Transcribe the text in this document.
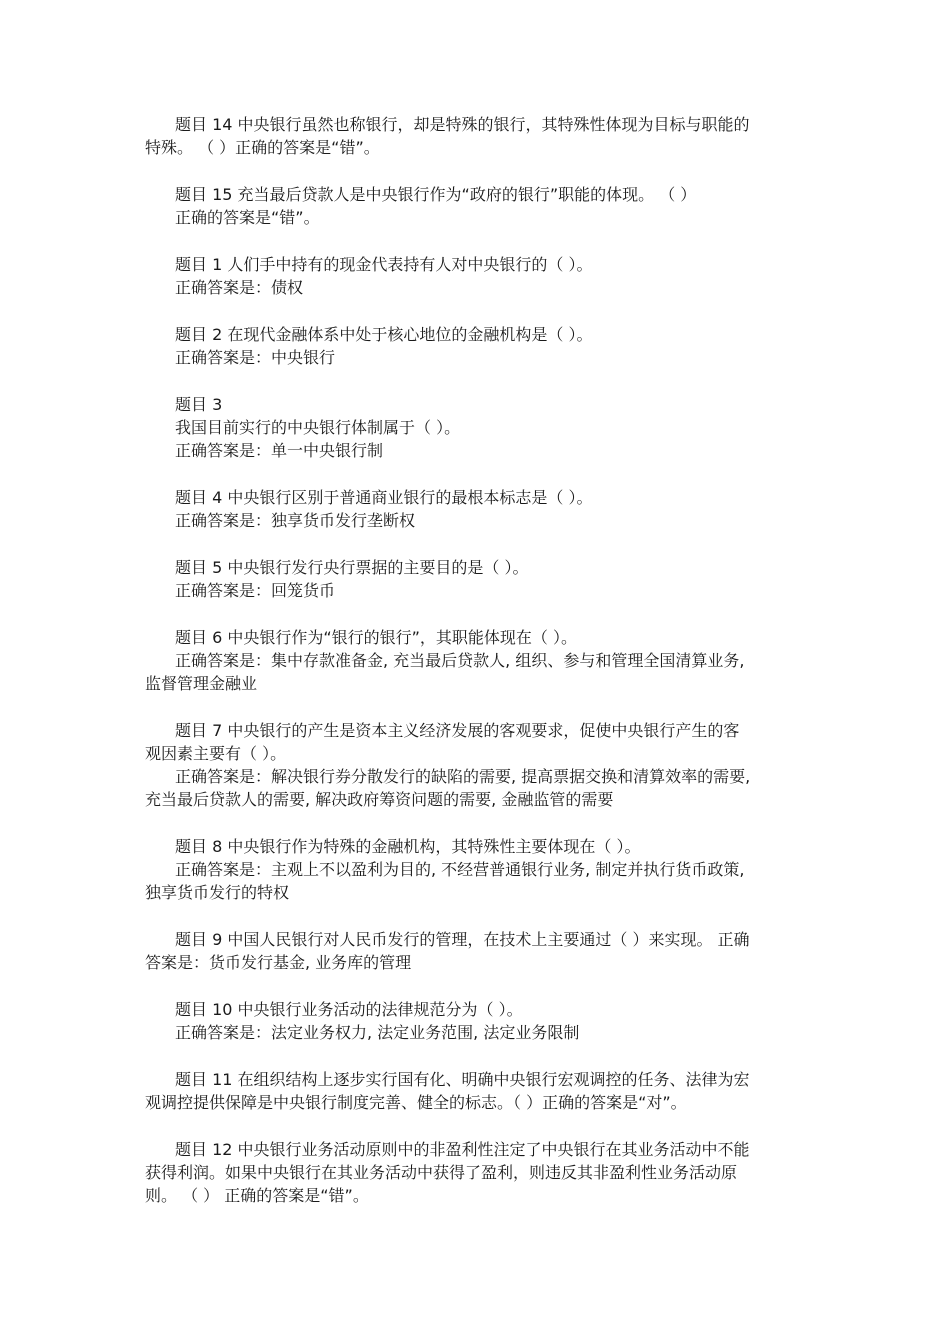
题目 14 中央银行虽然也称银行，却是特殊的银行，其特殊性体现为目标与职能的
特殊。 （ ）正确的答案是“错”。
题目 15 充当最后贷款人是中央银行作为“政府的银行”职能的体现。 （ ）
正确的答案是“错”。
题目 1 人们手中持有的现金代表持有人对中央银行的（ ）。
正确答案是：债权
题目 2 在现代金融体系中处于核心地位的金融机构是（ ）。
正确答案是：中央银行
题目 3
我国目前实行的中央银行体制属于（ ）。
正确答案是：单一中央银行制
题目 4 中央银行区别于普通商业银行的最根本标志是（ ）。
正确答案是：独享货币发行垄断权
题目 5 中央银行发行央行票据的主要目的是（ ）。
正确答案是：回笼货币
题目 6 中央银行作为“银行的银行”，其职能体现在（ ）。
正确答案是：集中存款准备金, 充当最后贷款人, 组织、参与和管理全国清算业务,
监督管理金融业
题目 7 中央银行的产生是资本主义经济发展的客观要求，促使中央银行产生的客
观因素主要有（ ）。
正确答案是：解决银行券分散发行的缺陷的需要, 提高票据交换和清算效率的需要,
充当最后贷款人的需要, 解决政府筹资问题的需要, 金融监管的需要
题目 8 中央银行作为特殊的金融机构，其特殊性主要体现在（ ）。
正确答案是：主观上不以盈利为目的, 不经营普通银行业务, 制定并执行货币政策,
独享货币发行的特权
题目 9 中国人民银行对人民币发行的管理，在技术上主要通过（ ）来实现。 正确
答案是：货币发行基金, 业务库的管理
题目 10 中央银行业务活动的法律规范分为（ ）。
正确答案是：法定业务权力, 法定业务范围, 法定业务限制
题目 11 在组织结构上逐步实行国有化、明确中央银行宏观调控的任务、法律为宏
观调控提供保障是中央银行制度完善、健全的标志。（ ）正确的答案是“对”。
题目 12 中央银行业务活动原则中的非盈利性注定了中央银行在其业务活动中不能
获得利润。如果中央银行在其业务活动中获得了盈利，则违反其非盈利性业务活动原
则。 （ ） 正确的答案是“错”。
